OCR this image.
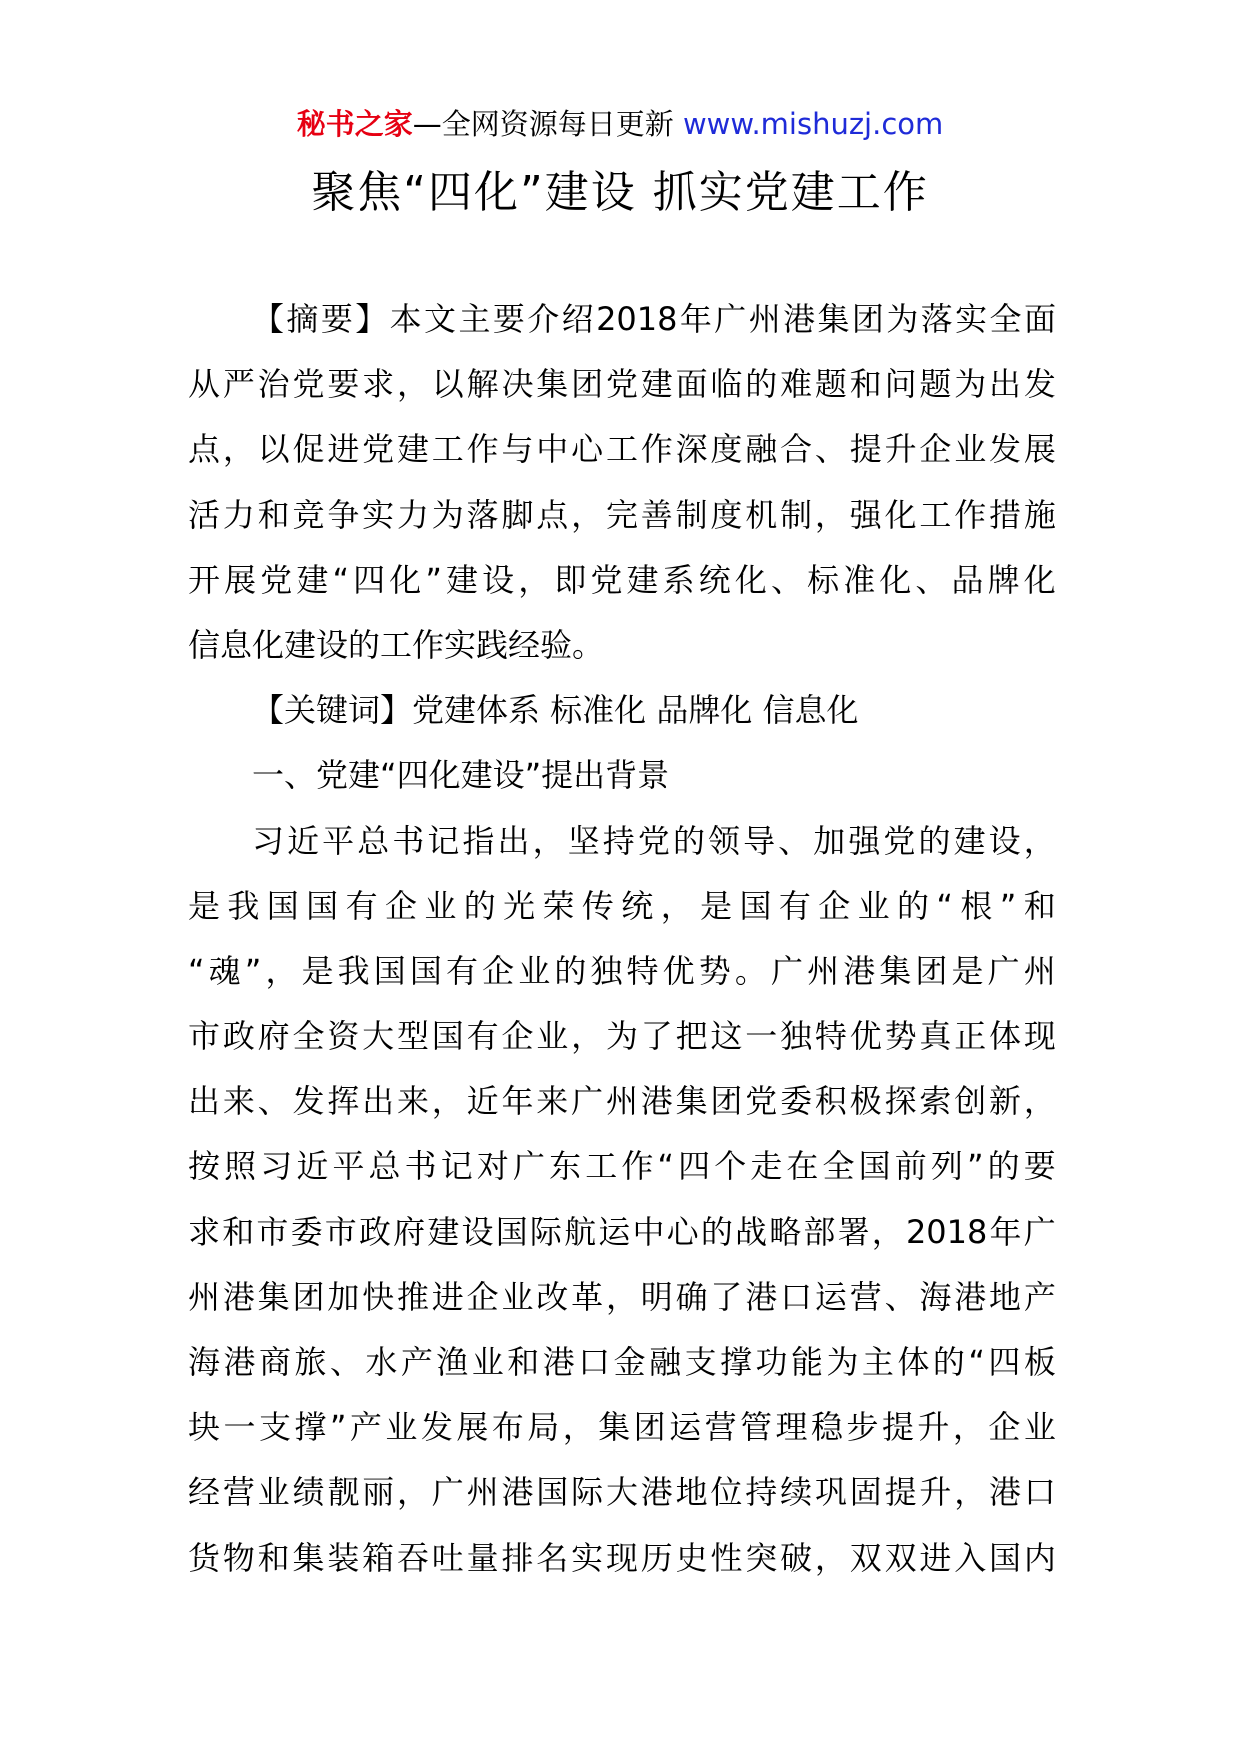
秘书之家—全网资源每日更新 www.mishuzj.com
聚焦“四化”建设 抓实党建工作
【 摘 要 】 本 文 主 要 介 绍 2018 年 广 州 港 集 团 为 落 实 全 面
从 严 治 党 要 求 ， 以 解 决 集 团 党 建 面 临 的 难 题 和 问 题 为 出 发
点 ， 以 促 进 党 建 工 作 与 中 心 工 作 深 度 融 合 、 提 升 企 业 发 展
活 力 和 竞 争 实 力 为 落 脚 点 ， 完 善 制 度 机 制 ， 强 化 工 作 措 施
开 展 党 建 “ 四 化 ” 建 设 ， 即 党 建 系 统 化 、 标 准 化 、 品 牌 化
信息化建设的工作实践经验。
【关键词】党建体系 标准化 品牌化 信息化
一、党建“四化建设”提出背景
习 近 平 总 书 记 指 出 ， 坚 持 党 的 领 导 、 加 强 党 的 建 设 ，
是 我 国 国 有 企 业 的 光 荣 传 统 ， 是 国 有 企 业 的 “ 根 ” 和
“ 魂 ” ， 是 我 国 国 有 企 业 的 独 特 优 势 。 广 州 港 集 团 是 广 州
市 政 府 全 资 大 型 国 有 企 业 ， 为 了 把 这 一 独 特 优 势 真 正 体 现
出 来 、 发 挥 出 来 ， 近 年 来 广 州 港 集 团 党 委 积 极 探 索 创 新 ，
按 照 习 近 平 总 书 记 对 广 东 工 作 “ 四 个 走 在 全 国 前 列 ” 的 要
求 和 市 委 市 政 府 建 设 国 际 航 运 中 心 的 战 略 部 署 ， 2018 年 广
州 港 集 团 加 快 推 进 企 业 改 革 ， 明 确 了 港 口 运 营 、 海 港 地 产
海 港 商 旅 、 水 产 渔 业 和 港 口 金 融 支 撑 功 能 为 主 体 的 “ 四 板
块 一 支 撑 ” 产 业 发 展 布 局 ， 集 团 运 营 管 理 稳 步 提 升 ， 企 业
经 营 业 绩 靓 丽 ， 广 州 港 国 际 大 港 地 位 持 续 巩 固 提 升 ， 港 口
货 物 和 集 装 箱 吞 吐 量 排 名 实 现 历 史 性 突 破 ， 双 双 进 入 国 内
